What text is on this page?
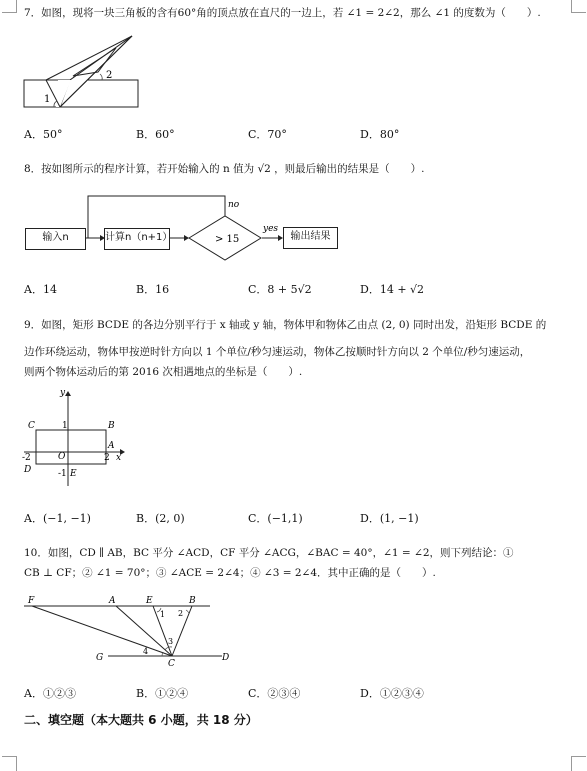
7．如图，现将一块三角板的含有60°角的顶点放在直尺的一边上，若 ∠1 = 2∠2，那么 ∠1 的度数为（　　）.
1
2
A．50°	B．60°	C．70°	D．80°
8．按如图所示的程序计算，若开始输入的 n 值为 √2 ，则最后输出的结果是（　　）.
> 15
no
yes
输入n	计算n（n+1）	输出结果
A．14	B．16	C．8 + 5√2	D．14 + √2
9．如图，矩形 BCDE 的各边分别平行于 x 轴或 y 轴，物体甲和物体乙由点 (2, 0) 同时出发，沿矩形 BCDE 的
边作环绕运动，物体甲按逆时针方向以 1 个单位/秒匀速运动，物体乙按顺时针方向以 2 个单位/秒匀速运动，
则两个物体运动后的第 2016 次相遇地点的坐标是（　　）.
y
x
C	B
A
D	E
O
1
2
-2
-1
A．(−1, −1)	B．(2, 0)	C．(−1,1)	D．(1, −1)
10．如图，CD ∥ AB，BC 平分 ∠ACD，CF 平分 ∠ACG，∠BAC = 40°，∠1 = ∠2，则下列结论：①
CB ⊥ CF；② ∠1 = 70°；③ ∠ACE = 2∠4；④ ∠3 = 2∠4．其中正确的是（　　）.
F	A	E	B
G
C
D
1 2
3
4
A．①②③	B．①②④	C．②③④	D．①②③④
二、填空题（本大题共 6 小题，共 18 分）
